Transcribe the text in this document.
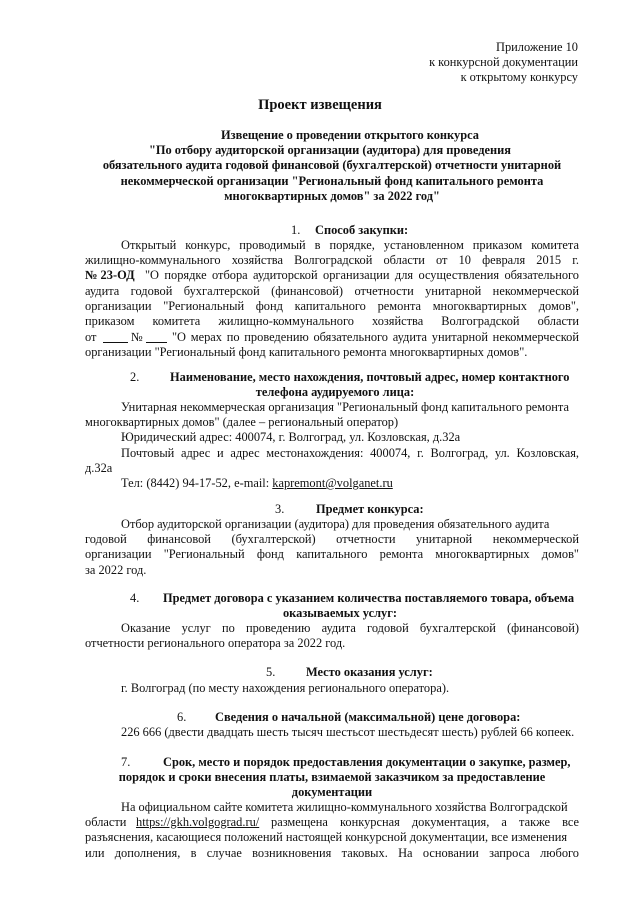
Приложение 10
к конкурсной документации
к открытому конкурсу
Проект извещения
Извещение о проведении открытого конкурса
"По отбору аудиторской организации (аудитора) для проведения
обязательного аудита годовой финансовой (бухгалтерской) отчетности унитарной
некоммерческой организации "Региональный фонд капитального ремонта
многоквартирных домов" за 2022 год"
1. Способ закупки:
Открытый конкурс, проводимый в порядке, установленном приказом комитета
жилищно-коммунального хозяйства Волгоградской области от 10 февраля 2015 г.
№ 23-ОД "О порядке отбора аудиторской организации для осуществления обязательного
аудита годовой бухгалтерской (финансовой) отчетности унитарной некоммерческой
организации "Региональный фонд капитального ремонта многоквартирных домов",
приказом комитета жилищно-коммунального хозяйства Волгоградской области
от	№ "О мерах по проведению обязательного аудита унитарной некоммерческой
организации "Региональный фонд капитального ремонта многоквартирных домов".
2. Наименование, место нахождения, почтовый адрес, номер контактного
телефона аудируемого лица:
Унитарная некоммерческая организация "Региональный фонд капитального ремонта
многоквартирных домов" (далее – региональный оператор)
Юридический адрес: 400074, г. Волгоград, ул. Козловская, д.32а
Почтовый адрес и адрес местонахождения: 400074, г. Волгоград, ул. Козловская,
д.32а
Тел: (8442) 94-17-52, e-mail: kapremont@volganet.ru
3.	Предмет конкурса:
Отбор аудиторской организации (аудитора) для проведения обязательного аудита
годовой финансовой (бухгалтерской) отчетности унитарной некоммерческой
организации "Региональный фонд капитального ремонта многоквартирных домов"
за 2022 год.
4. Предмет договора с указанием количества поставляемого товара, объема
оказываемых услуг:
Оказание услуг по проведению аудита годовой бухгалтерской (финансовой)
отчетности регионального оператора за 2022 год.
5. Место оказания услуг:
г. Волгоград (по месту нахождения регионального оператора).
6. Сведения о начальной (максимальной) цене договора:
226 666 (двести двадцать шесть тысяч шестьсот шестьдесят шесть) рублей 66 копеек.
7.	Срок, место и порядок предоставления документации о закупке, размер,
порядок и сроки внесения платы, взимаемой заказчиком за предоставление
документации
На официальном сайте комитета жилищно-коммунального хозяйства Волгоградской
области https://gkh.volgograd.ru/ размещена конкурсная документация, а также все
разъяснения, касающиеся положений настоящей конкурсной документации, все изменения
или дополнения, в случае возникновения таковых. На основании запроса любого
